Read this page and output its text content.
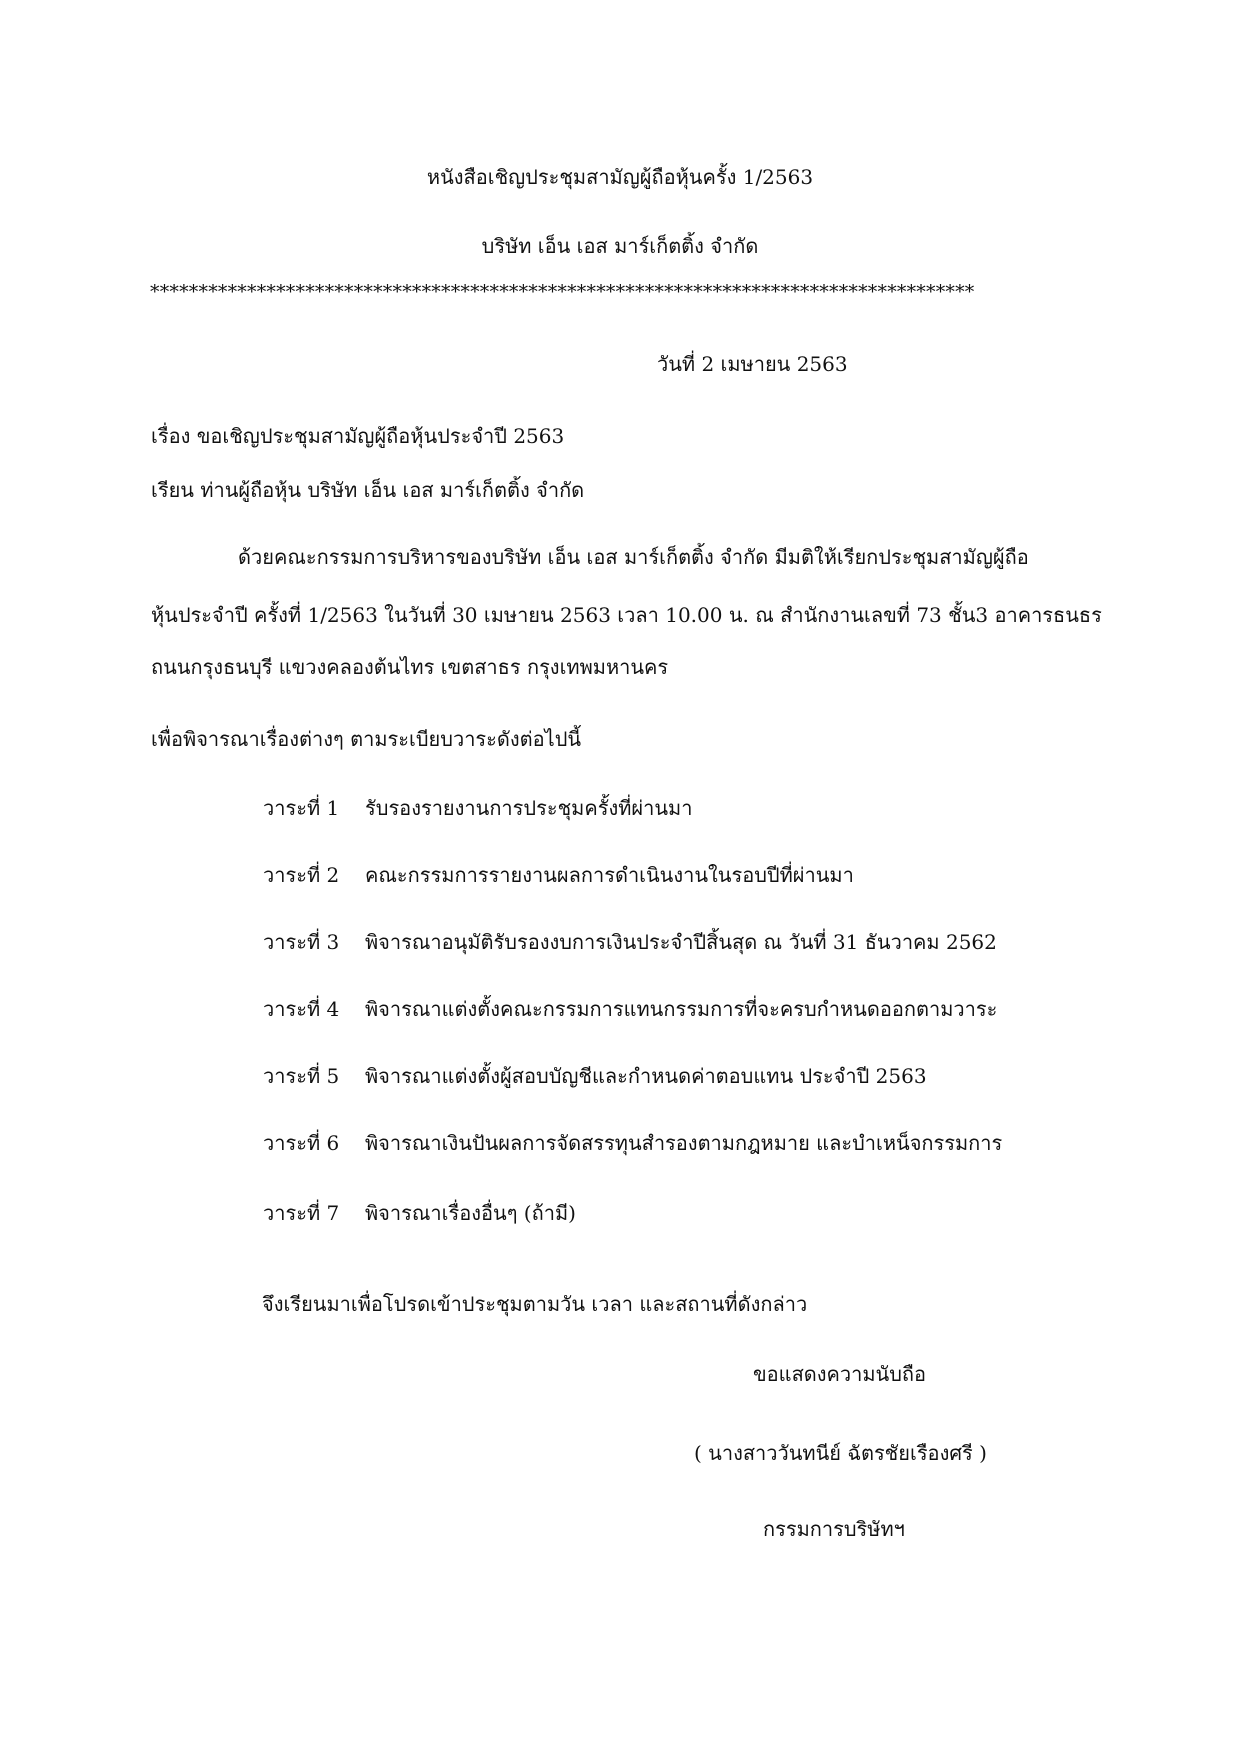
หนังสือเชิญประชุมสามัญผู้ถือหุ้นครั้ง 1/2563
บริษัท เอ็น เอส มาร์เก็ตติ้ง จำกัด
*************************************************************************************
วันที่ 2 เมษายน 2563
เรื่อง ขอเชิญประชุมสามัญผู้ถือหุ้นประจำปี 2563
เรียน ท่านผู้ถือหุ้น บริษัท เอ็น เอส มาร์เก็ตติ้ง จำกัด
ด้วยคณะกรรมการบริหารของบริษัท เอ็น เอส มาร์เก็ตติ้ง จำกัด มีมติให้เรียกประชุมสามัญผู้ถือ
หุ้นประจำปี ครั้งที่ 1/2563 ในวันที่ 30 เมษายน 2563 เวลา 10.00 น. ณ สำนักงานเลขที่ 73 ชั้น3 อาคารธนธร
ถนนกรุงธนบุรี แขวงคลองต้นไทร เขตสาธร กรุงเทพมหานคร
เพื่อพิจารณาเรื่องต่างๆ ตามระเบียบวาระดังต่อไปนี้
วาระที่ 1 รับรองรายงานการประชุมครั้งที่ผ่านมา
วาระที่ 2 คณะกรรมการรายงานผลการดำเนินงานในรอบปีที่ผ่านมา
วาระที่ 3 พิจารณาอนุมัติรับรองงบการเงินประจำปีสิ้นสุด ณ วันที่ 31 ธันวาคม 2562
วาระที่ 4 พิจารณาแต่งตั้งคณะกรรมการแทนกรรมการที่จะครบกำหนดออกตามวาระ
วาระที่ 5 พิจารณาแต่งตั้งผู้สอบบัญชีและกำหนดค่าตอบแทน ประจำปี 2563
วาระที่ 6 พิจารณาเงินปันผลการจัดสรรทุนสำรองตามกฎหมาย และบำเหน็จกรรมการ
วาระที่ 7 พิจารณาเรื่องอื่นๆ (ถ้ามี)
จึงเรียนมาเพื่อโปรดเข้าประชุมตามวัน เวลา และสถานที่ดังกล่าว
ขอแสดงความนับถือ
( นางสาววันทนีย์ ฉัตรชัยเรืองศรี )
กรรมการบริษัทฯ
